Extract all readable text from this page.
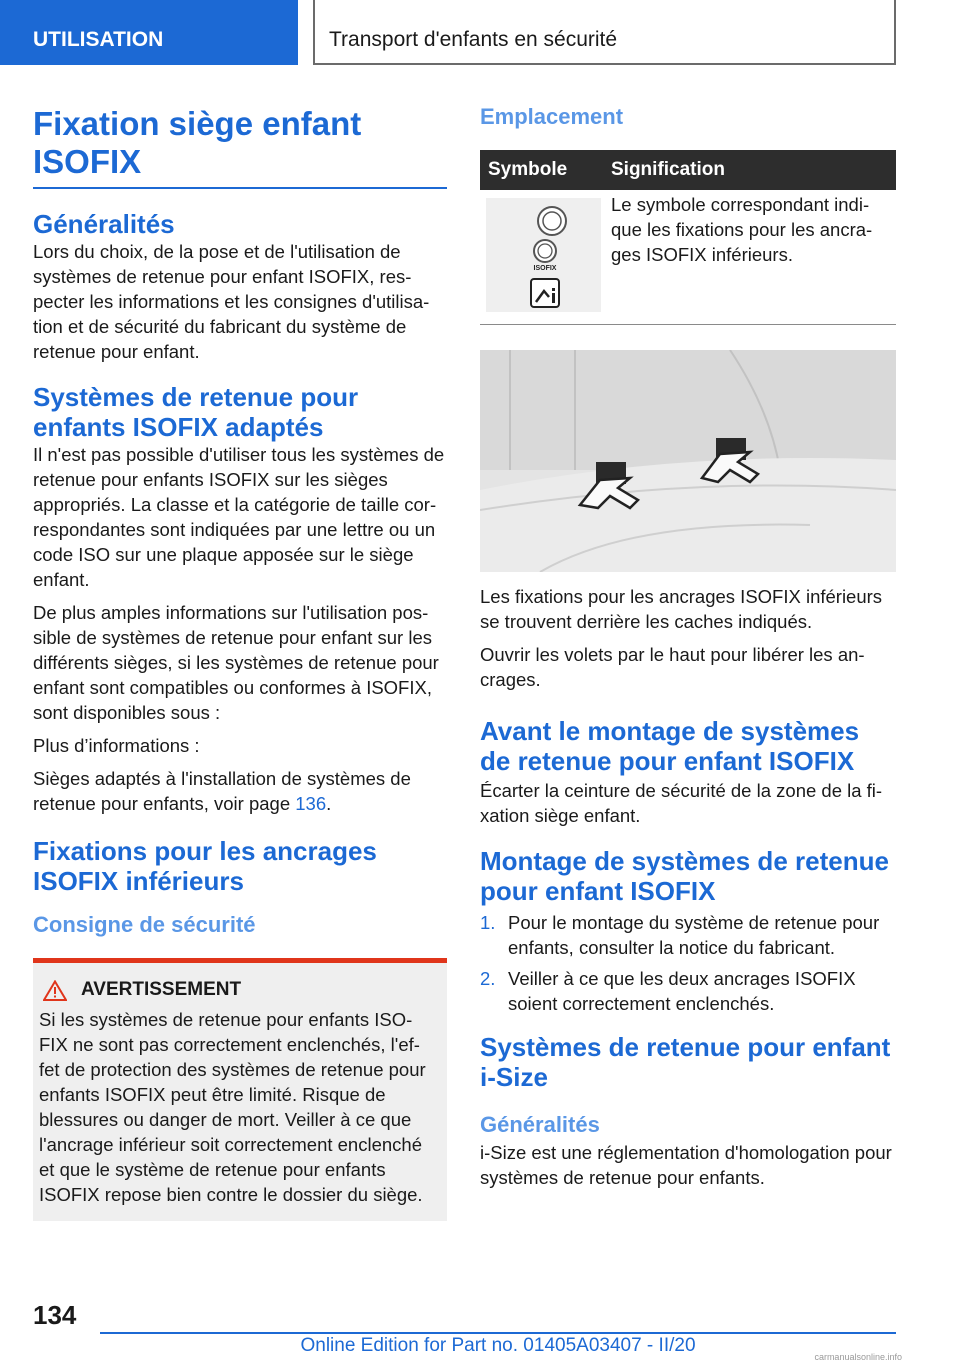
UTILISATION	Transport d'enfants en sécurité
Fixation siège enfant ISOFIX
Généralités

Lors du choix, de la pose et de l'utilisation de systèmes de retenue pour enfant ISOFIX, res-pecter les informations et les consignes d'utilisa-tion et de sécurité du fabricant du système de retenue pour enfant.

Systèmes de retenue pour enfants ISOFIX adaptés

Il n'est pas possible d'utiliser tous les systèmes de retenue pour enfants ISOFIX sur les sièges appropriés. La classe et la catégorie de taille cor-respondantes sont indiquées par une lettre ou un code ISO sur une plaque apposée sur le siège enfant.

De plus amples informations sur l'utilisation pos-sible de systèmes de retenue pour enfant sur les différents sièges, si les systèmes de retenue pour enfant sont compatibles ou conformes à ISOFIX, sont disponibles sous :

Plus d’informations :

Sièges adaptés à l'installation de systèmes de retenue pour enfants, voir page 136.

Fixations pour les ancrages ISOFIX inférieurs
Consigne de sécurité
AVERTISSEMENT

Si les systèmes de retenue pour enfants ISO-FIX ne sont pas correctement enclenchés, l'ef-fet de protection des systèmes de retenue pour enfants ISOFIX peut être limité. Risque de blessures ou danger de mort. Veiller à ce que l'ancrage inférieur soit correctement enclenché et que le système de retenue pour enfants ISOFIX repose bien contre le dossier du siège.

Emplacement
Symbole	Signification

ISOFIX	Le symbole correspondant indi-que les fixations pour les ancra-ges ISOFIX inférieurs.

Les fixations pour les ancrages ISOFIX inférieurs se trouvent derrière les caches indiqués.

Ouvrir les volets par le haut pour libérer les an-crages.

Avant le montage de systèmes de retenue pour enfant ISOFIX

Écarter la ceinture de sécurité de la zone de la fi-xation siège enfant.

Montage de systèmes de retenue pour enfant ISOFIX
1. Pour le montage du système de retenue pour enfants, consulter la notice du fabricant.
2. Veiller à ce que les deux ancrages ISOFIX soient correctement enclenchés.
Systèmes de retenue pour enfant i-Size
Généralités

i-Size est une réglementation d'homologation pour systèmes de retenue pour enfants.

134
Online Edition for Part no. 01405A03407 - II/20
carmanualsonline.info
